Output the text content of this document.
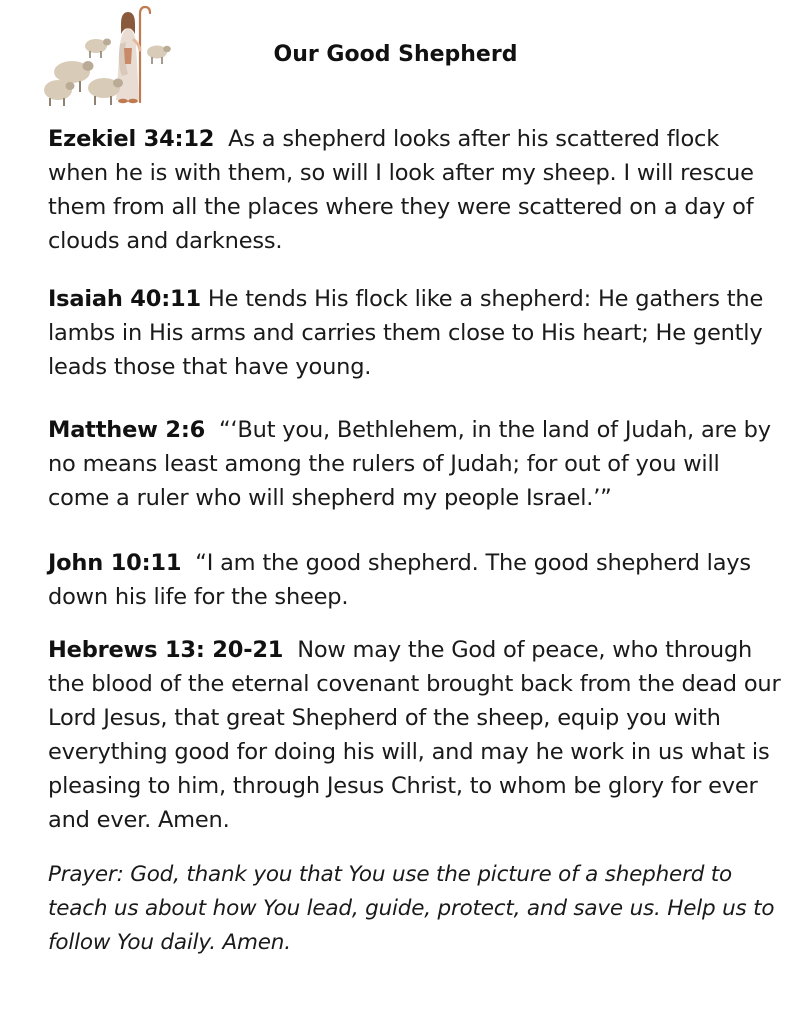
Our Good Shepherd

Ezekiel 34:12 As a shepherd looks after his scattered flock when he is with them, so will I look after my sheep. I will rescue them from all the places where they were scattered on a day of clouds and darkness.

Isaiah 40:11 He tends His flock like a shepherd: He gathers the lambs in His arms and carries them close to His heart; He gently leads those that have young.

Matthew 2:6 “‘But you, Bethlehem, in the land of Judah, are by no means least among the rulers of Judah; for out of you will come a ruler who will shepherd my people Israel.’”

John 10:11 “I am the good shepherd. The good shepherd lays down his life for the sheep.

Hebrews 13: 20-21 Now may the God of peace, who through the blood of the eternal covenant brought back from the dead our Lord Jesus, that great Shepherd of the sheep, equip you with everything good for doing his will, and may he work in us what is pleasing to him, through Jesus Christ, to whom be glory for ever and ever. Amen.

Prayer: God, thank you that You use the picture of a shepherd to teach us about how You lead, guide, protect, and save us. Help us to follow You daily. Amen.
